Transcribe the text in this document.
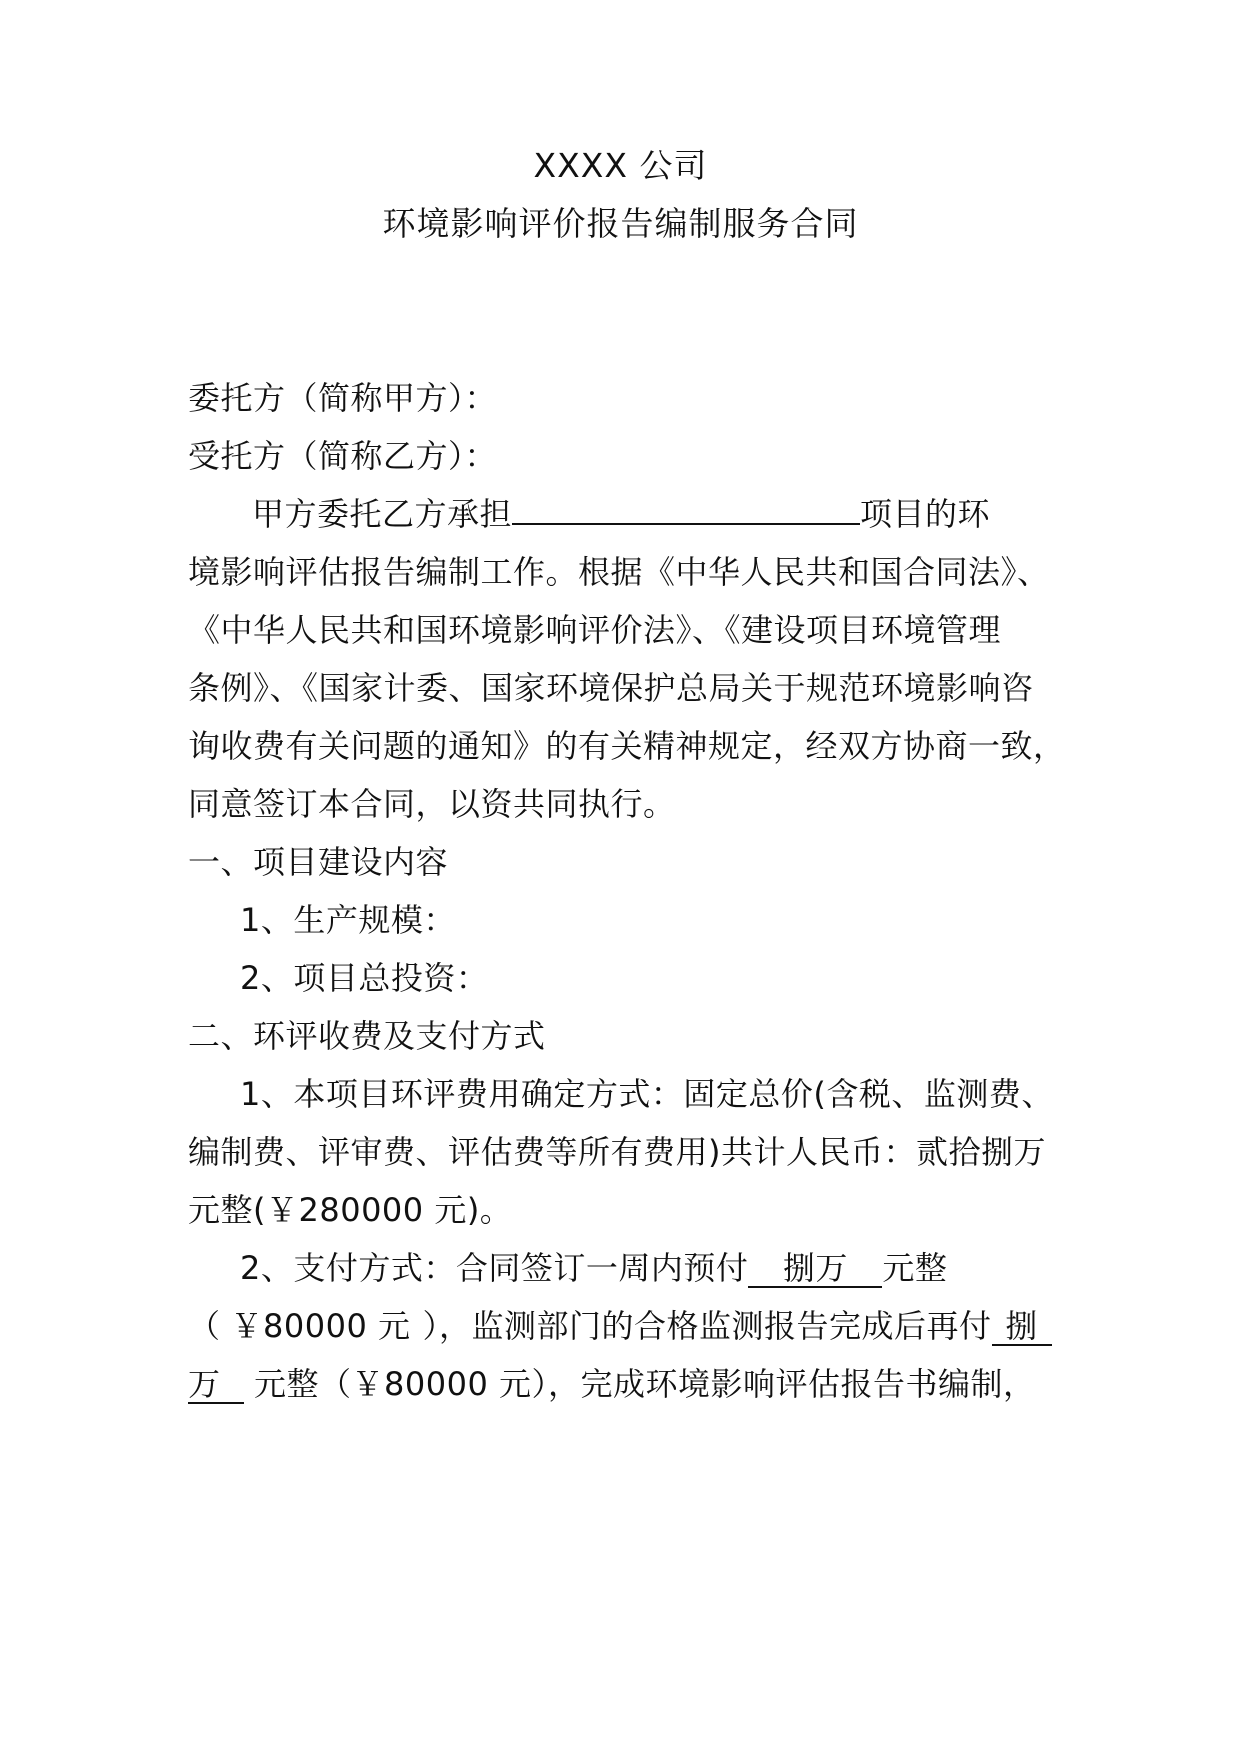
XXXX 公司
环境影响评价报告编制服务合同
委托方（简称甲方）：
受托方（简称乙方）：
甲方委托乙方承担	项目的环
境影响评估报告编制工作。根据《中华人民共和国合同法》、
《中华人民共和国环境影响评价法》、《建设项目环境管理
条例》、《国家计委、国家环境保护总局关于规范环境影响咨
询收费有关问题的通知》的有关精神规定，经双方协商一致，
同意签订本合同，以资共同执行。
一、项目建设内容
1、生产规模：
2、项目总投资：
二、环评收费及支付方式
1、本项目环评费用确定方式：固定总价(含税、监测费、
编制费、评审费、评估费等所有费用)共计人民币：贰拾捌万
元整(￥280000 元)。
2、支付方式：合同签订一周内预付 捌万 元整
（ ￥80000 元 ），监测部门的合格监测报告完成后再付 捌
万 元整（￥80000 元），完成环境影响评估报告书编制，
